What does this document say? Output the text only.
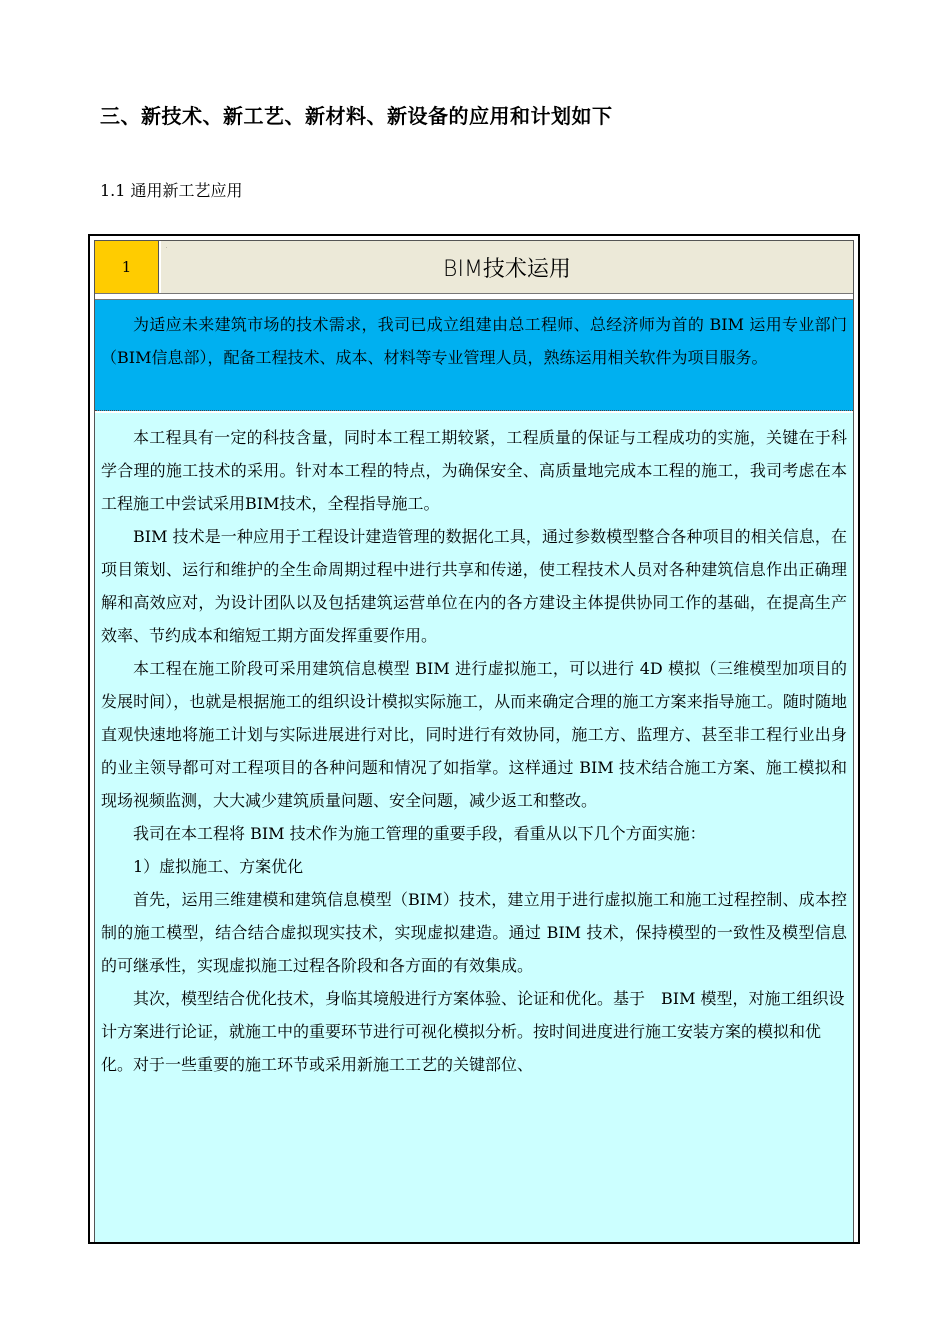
三、新技术、新工艺、新材料、新设备的应用和计划如下
1.1 通用新工艺应用
1
·
BIM技术运用

为适应未来建筑市场的技术需求，我司已成立组建由总工程师、总经济师为首的 BIM 运用专业部门（BIM信息部），配备工程技术、成本、材料等专业管理人员，熟练运用相关软件为项目服务。

本工程具有一定的科技含量，同时本工程工期较紧，工程质量的保证与工程成功的实施，关键在于科学合理的施工技术的采用。针对本工程的特点，为确保安全、高质量地完成本工程的施工，我司考虑在本工程施工中尝试采用BIM技术，全程指导施工。

BIM 技术是一种应用于工程设计建造管理的数据化工具，通过参数模型整合各种项目的相关信息，在项目策划、运行和维护的全生命周期过程中进行共享和传递，使工程技术人员对各种建筑信息作出正确理解和高效应对，为设计团队以及包括建筑运营单位在内的各方建设主体提供协同工作的基础，在提高生产效率、节约成本和缩短工期方面发挥重要作用。

本工程在施工阶段可采用建筑信息模型 BIM 进行虚拟施工，可以进行 4D 模拟（三维模型加项目的发展时间），也就是根据施工的组织设计模拟实际施工，从而来确定合理的施工方案来指导施工。随时随地直观快速地将施工计划与实际进展进行对比，同时进行有效协同，施工方、监理方、甚至非工程行业出身的业主领导都可对工程项目的各种问题和情况了如指掌。这样通过 BIM 技术结合施工方案、施工模拟和现场视频监测，大大减少建筑质量问题、安全问题，减少返工和整改。

我司在本工程将 BIM 技术作为施工管理的重要手段，看重从以下几个方面实施：

1）虚拟施工、方案优化

首先，运用三维建模和建筑信息模型（BIM）技术，建立用于进行虚拟施工和施工过程控制、成本控制的施工模型，结合结合虚拟现实技术，实现虚拟建造。通过 BIM 技术，保持模型的一致性及模型信息的可继承性，实现虚拟施工过程各阶段和各方面的有效集成。

其次，模型结合优化技术，身临其境般进行方案体验、论证和优化。基于　BIM 模型，对施工组织设计方案进行论证，就施工中的重要环节进行可视化模拟分析。按时间进度进行施工安装方案的模拟和优化。对于一些重要的施工环节或采用新施工工艺的关键部位、
